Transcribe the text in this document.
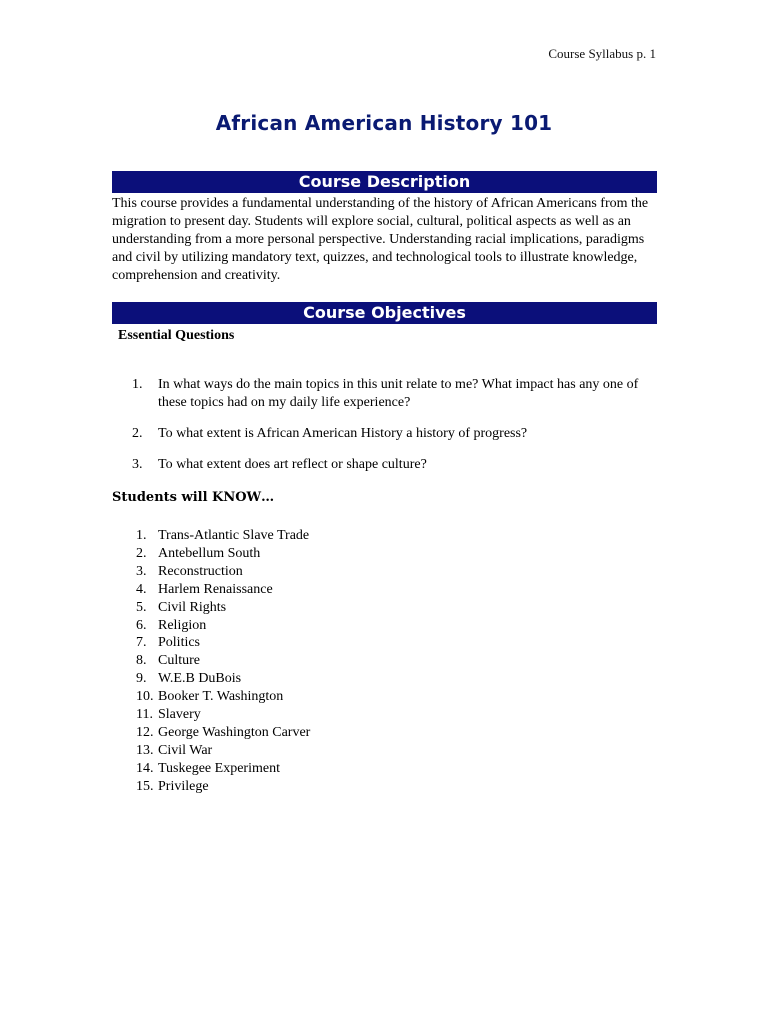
Course Syllabus p. 1
African American History 101
Course Description
This course provides a fundamental understanding of the history of African Americans from the migration to present day. Students will explore social, cultural, political aspects as well as an understanding from a more personal perspective. Understanding racial implications, paradigms and civil by utilizing mandatory text, quizzes, and technological tools to illustrate knowledge, comprehension and creativity.
Course Objectives
Essential Questions
1.	In what ways do the main topics in this unit relate to me? What impact has any one of these topics had on my daily life experience?
2.	To what extent is African American History a history of progress?
3.	To what extent does art reflect or shape culture?
Students will KNOW…
1. Trans-Atlantic Slave Trade
2. Antebellum South
3. Reconstruction
4. Harlem Renaissance
5. Civil Rights
6. Religion
7. Politics
8. Culture
9. W.E.B DuBois
10. Booker T. Washington
11. Slavery
12. George Washington Carver
13. Civil War
14. Tuskegee Experiment
15. Privilege
